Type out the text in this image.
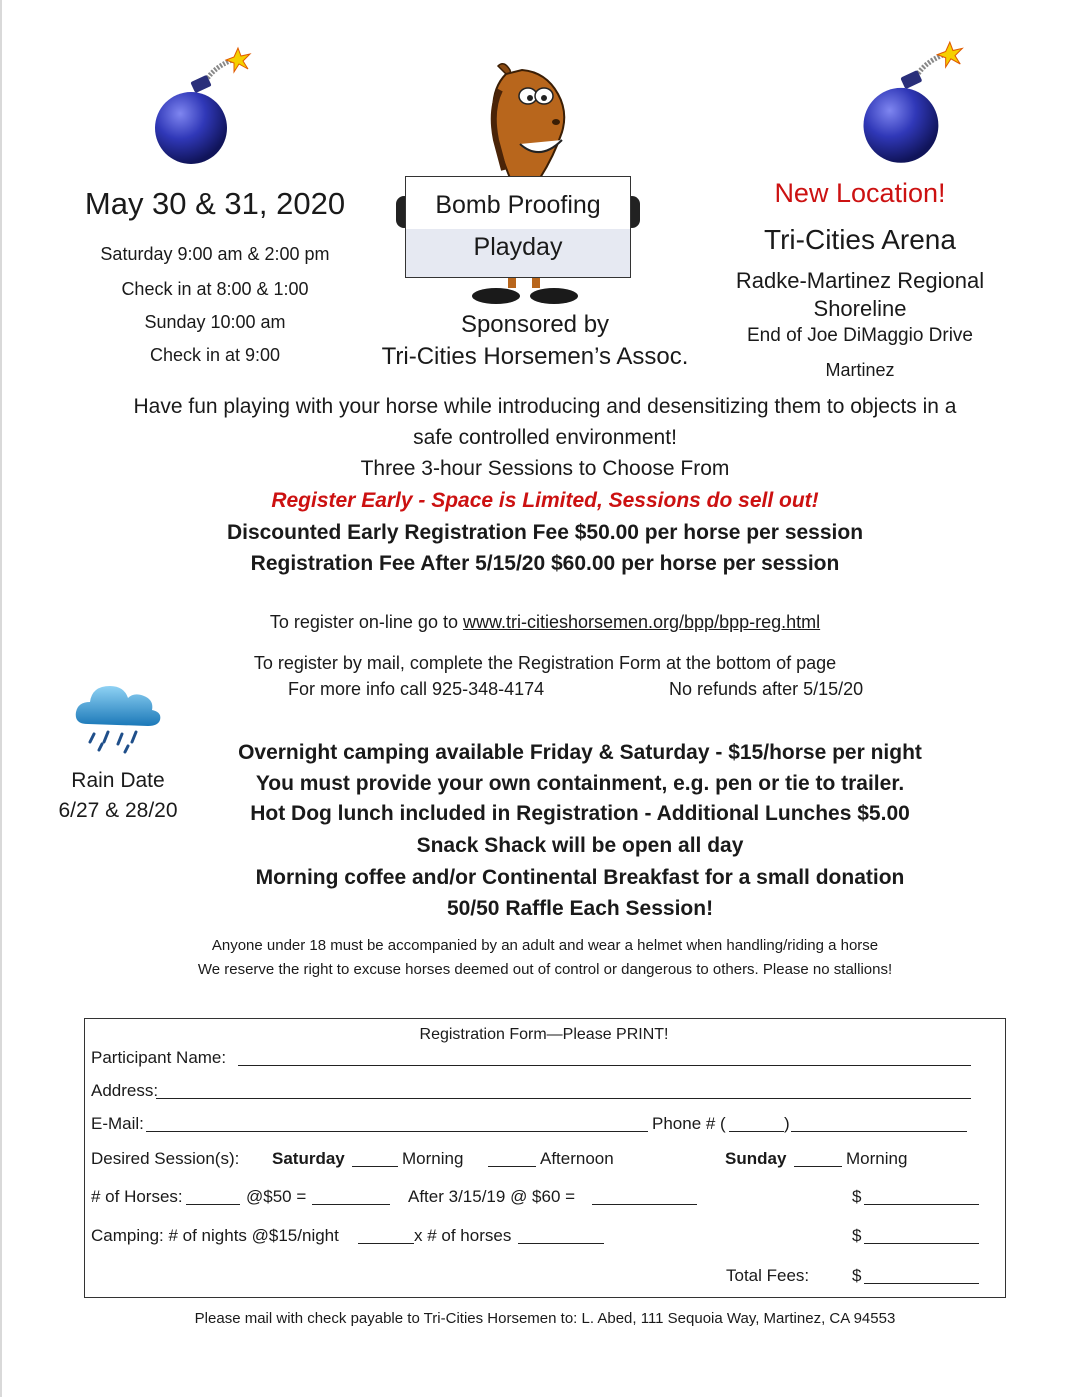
Bomb Proofing
Playday
May 30 & 31, 2020
Saturday 9:00 am & 2:00 pm
Check in at 8:00 & 1:00
Sunday 10:00 am
Check in at 9:00
Sponsored by
Tri-Cities Horsemen’s Assoc.
New Location!
Tri-Cities Arena
Radke-Martinez Regional
Shoreline
End of Joe DiMaggio Drive
Martinez
Have fun playing with your horse while introducing and desensitizing them to objects in a
safe controlled environment!
Three 3-hour Sessions to Choose From
Register Early - Space is Limited, Sessions do sell out!
Discounted Early Registration Fee $50.00 per horse per session
Registration Fee After 5/15/20 $60.00 per horse per session
To register on-line go to www.tri-citieshorsemen.org/bpp/bpp-reg.html
To register by mail, complete the Registration Form at the bottom of page
For more info call 925-348-4174	No refunds after 5/15/20
Rain Date
6/27 & 28/20
Overnight camping available Friday & Saturday - $15/horse per night
You must provide your own containment, e.g. pen or tie to trailer.
Hot Dog lunch included in Registration - Additional Lunches $5.00
Snack Shack will be open all day
Morning coffee and/or Continental Breakfast for a small donation
50/50 Raffle Each Session!
Anyone under 18 must be accompanied by an adult and wear a helmet when handling/riding a horse
We reserve the right to excuse horses deemed out of control or dangerous to others. Please no stallions!
Registration Form—Please PRINT!
Participant Name:
Address:
E-Mail:	Phone # (	)
Desired Session(s): Saturday	Morning	Afternoon	Sunday	Morning
# of Horses:	@$50 =	After 3/15/19 @ $60 =	$
Camping: # of nights @$15/night	x # of horses	$
Total Fees:	$
Please mail with check payable to Tri-Cities Horsemen to: L. Abed, 111 Sequoia Way, Martinez, CA 94553
